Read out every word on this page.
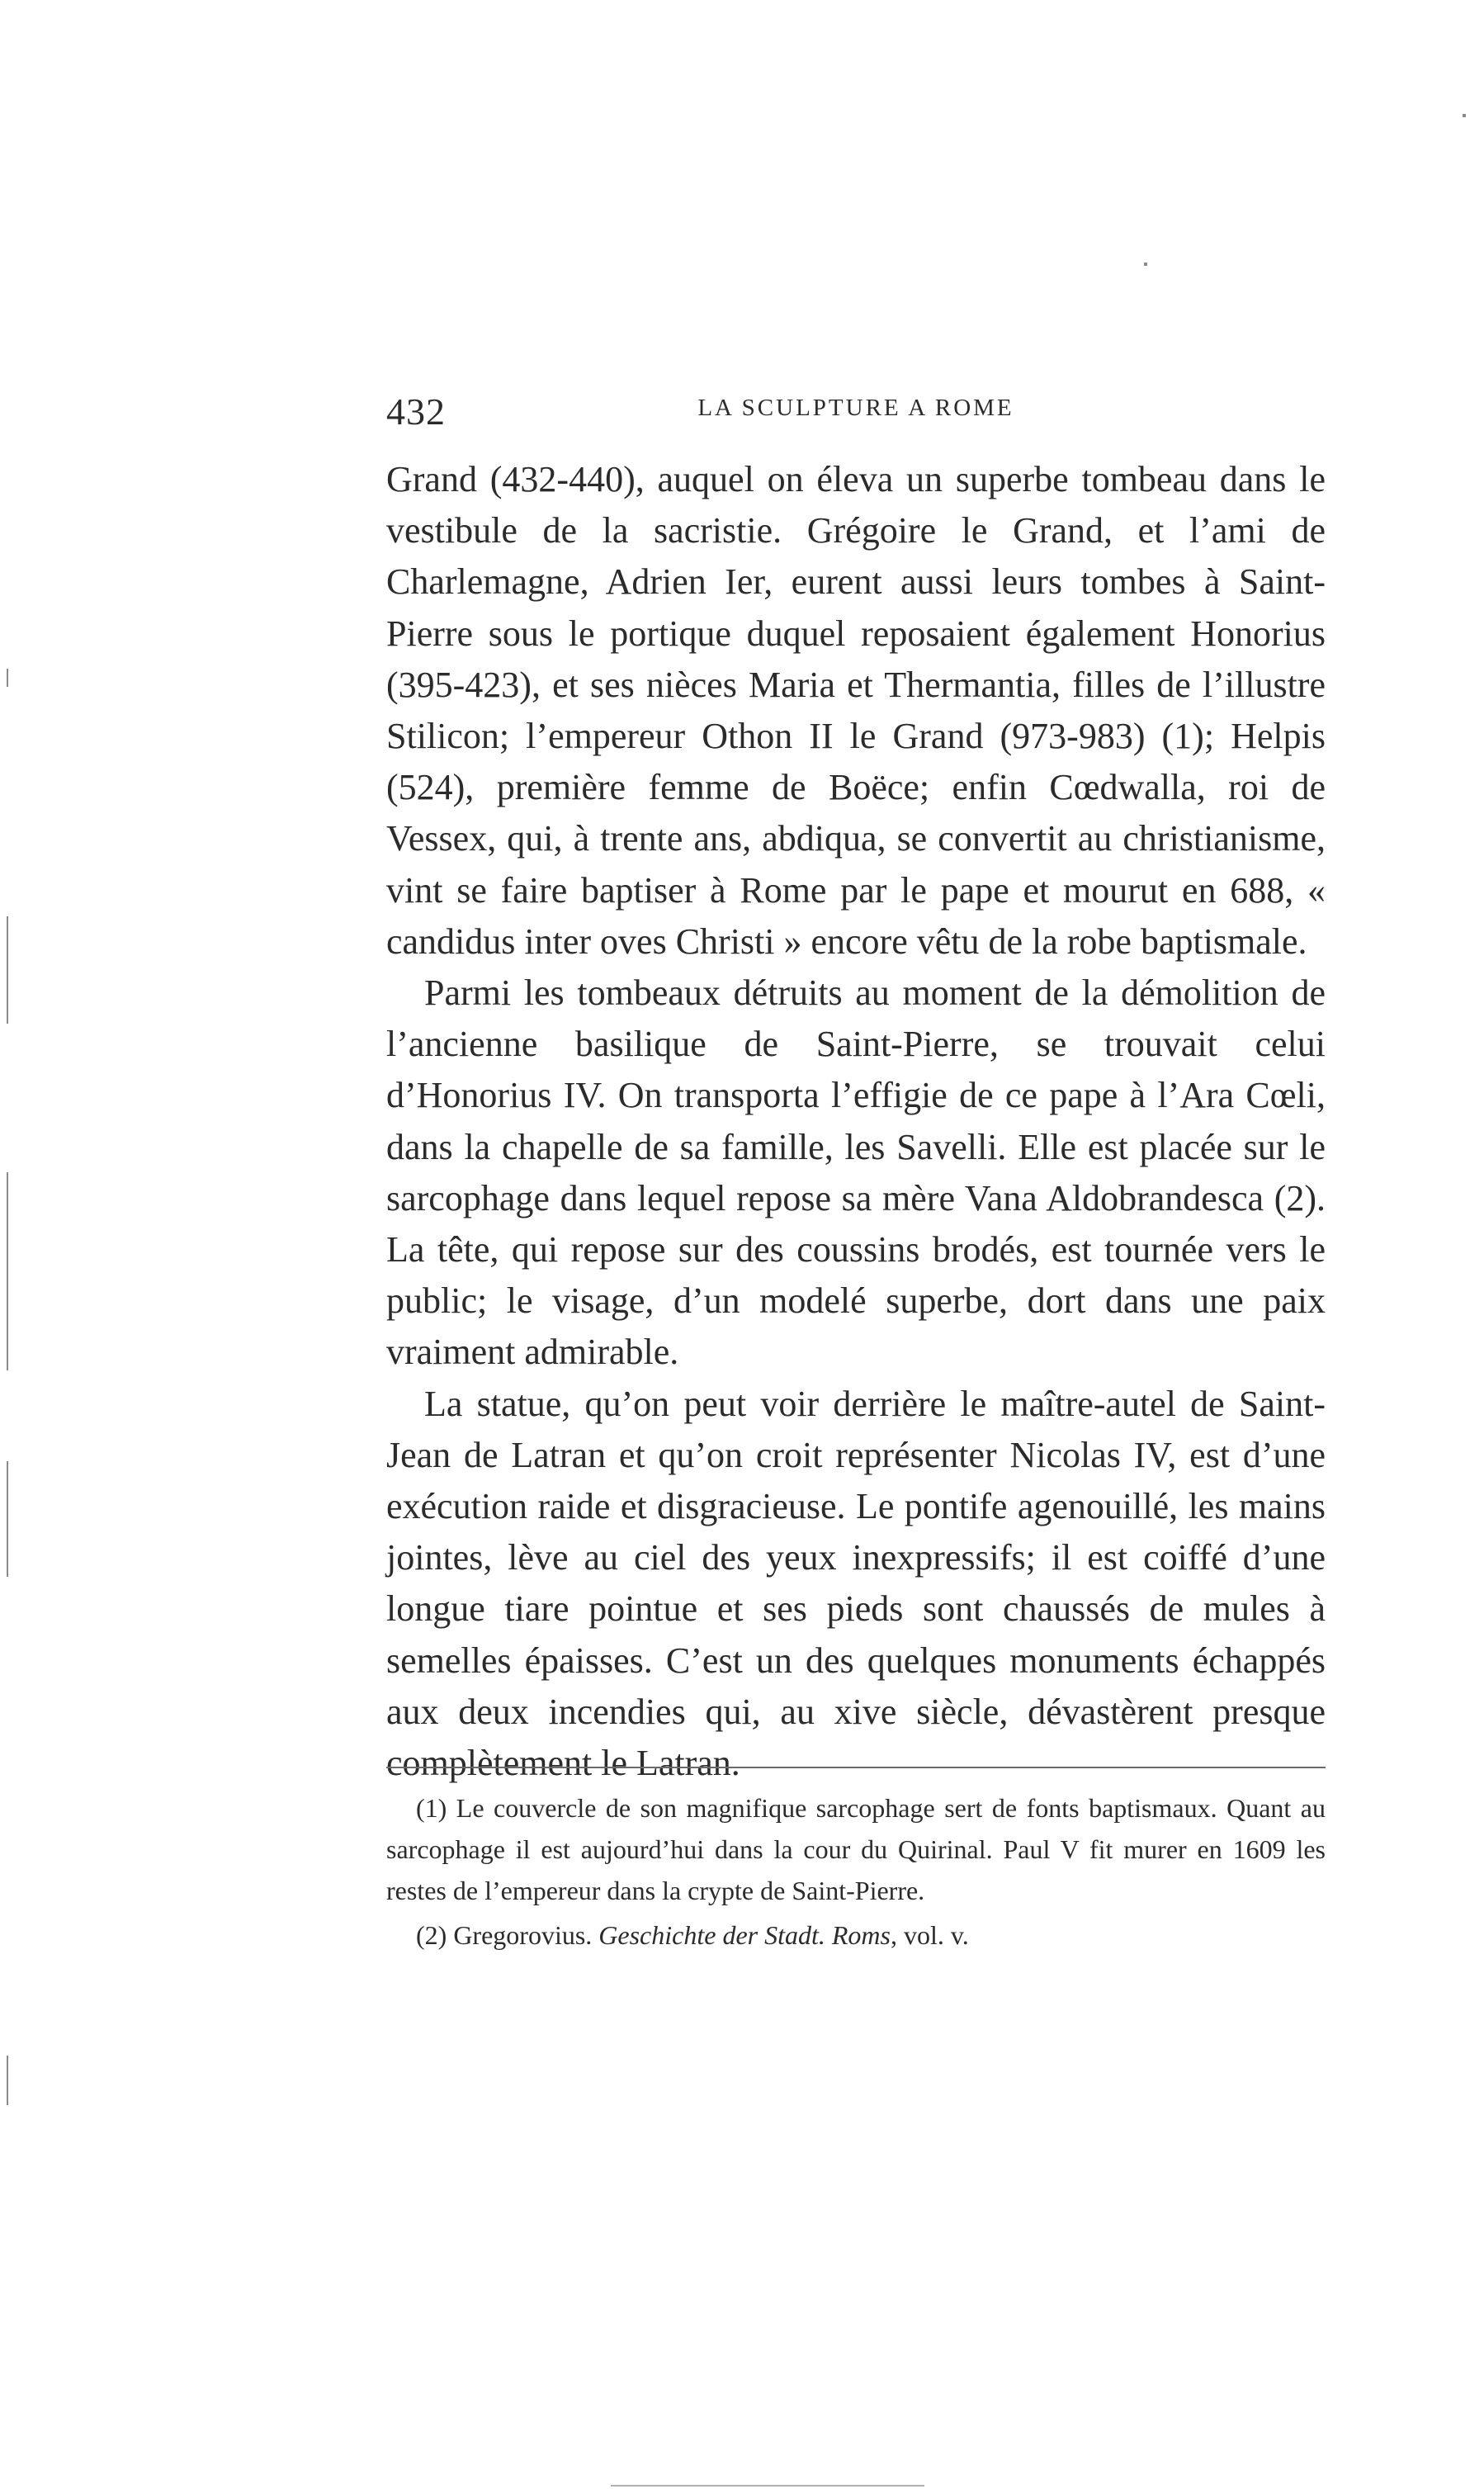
432	LA SCULPTURE A ROME

Grand (432-440), auquel on éleva un superbe tombeau dans le vestibule de la sacristie. Grégoire le Grand, et l’ami de Charlemagne, Adrien Ier, eurent aussi leurs tombes à Saint-Pierre sous le portique duquel reposaient également Honorius (395-423), et ses nièces Maria et Thermantia, filles de l’illustre Stilicon; l’empereur Othon II le Grand (973-983) (1); Helpis (524), première femme de Boëce; enfin Cœdwalla, roi de Vessex, qui, à trente ans, abdiqua, se convertit au christianisme, vint se faire baptiser à Rome par le pape et mourut en 688, « candidus inter oves Christi » encore vêtu de la robe baptismale.

Parmi les tombeaux détruits au moment de la démolition de l’ancienne basilique de Saint-Pierre, se trouvait celui d’Honorius IV. On transporta l’effigie de ce pape à l’Ara Cœli, dans la chapelle de sa famille, les Savelli. Elle est placée sur le sarcophage dans lequel repose sa mère Vana Aldobrandesca (2). La tête, qui repose sur des coussins brodés, est tournée vers le public; le visage, d’un modelé superbe, dort dans une paix vraiment admirable.

La statue, qu’on peut voir derrière le maître-autel de Saint-Jean de Latran et qu’on croit représenter Nicolas IV, est d’une exécution raide et disgracieuse. Le pontife agenouillé, les mains jointes, lève au ciel des yeux inexpressifs; il est coiffé d’une longue tiare pointue et ses pieds sont chaussés de mules à semelles épaisses. C’est un des quelques monuments échappés aux deux incendies qui, au xive siècle, dévastèrent presque complètement le Latran.

(1) Le couvercle de son magnifique sarcophage sert de fonts baptismaux. Quant au sarcophage il est aujourd’hui dans la cour du Quirinal. Paul V fit murer en 1609 les restes de l’empereur dans la crypte de Saint-Pierre.

(2) Gregorovius. Geschichte der Stadt. Roms, vol. v.
